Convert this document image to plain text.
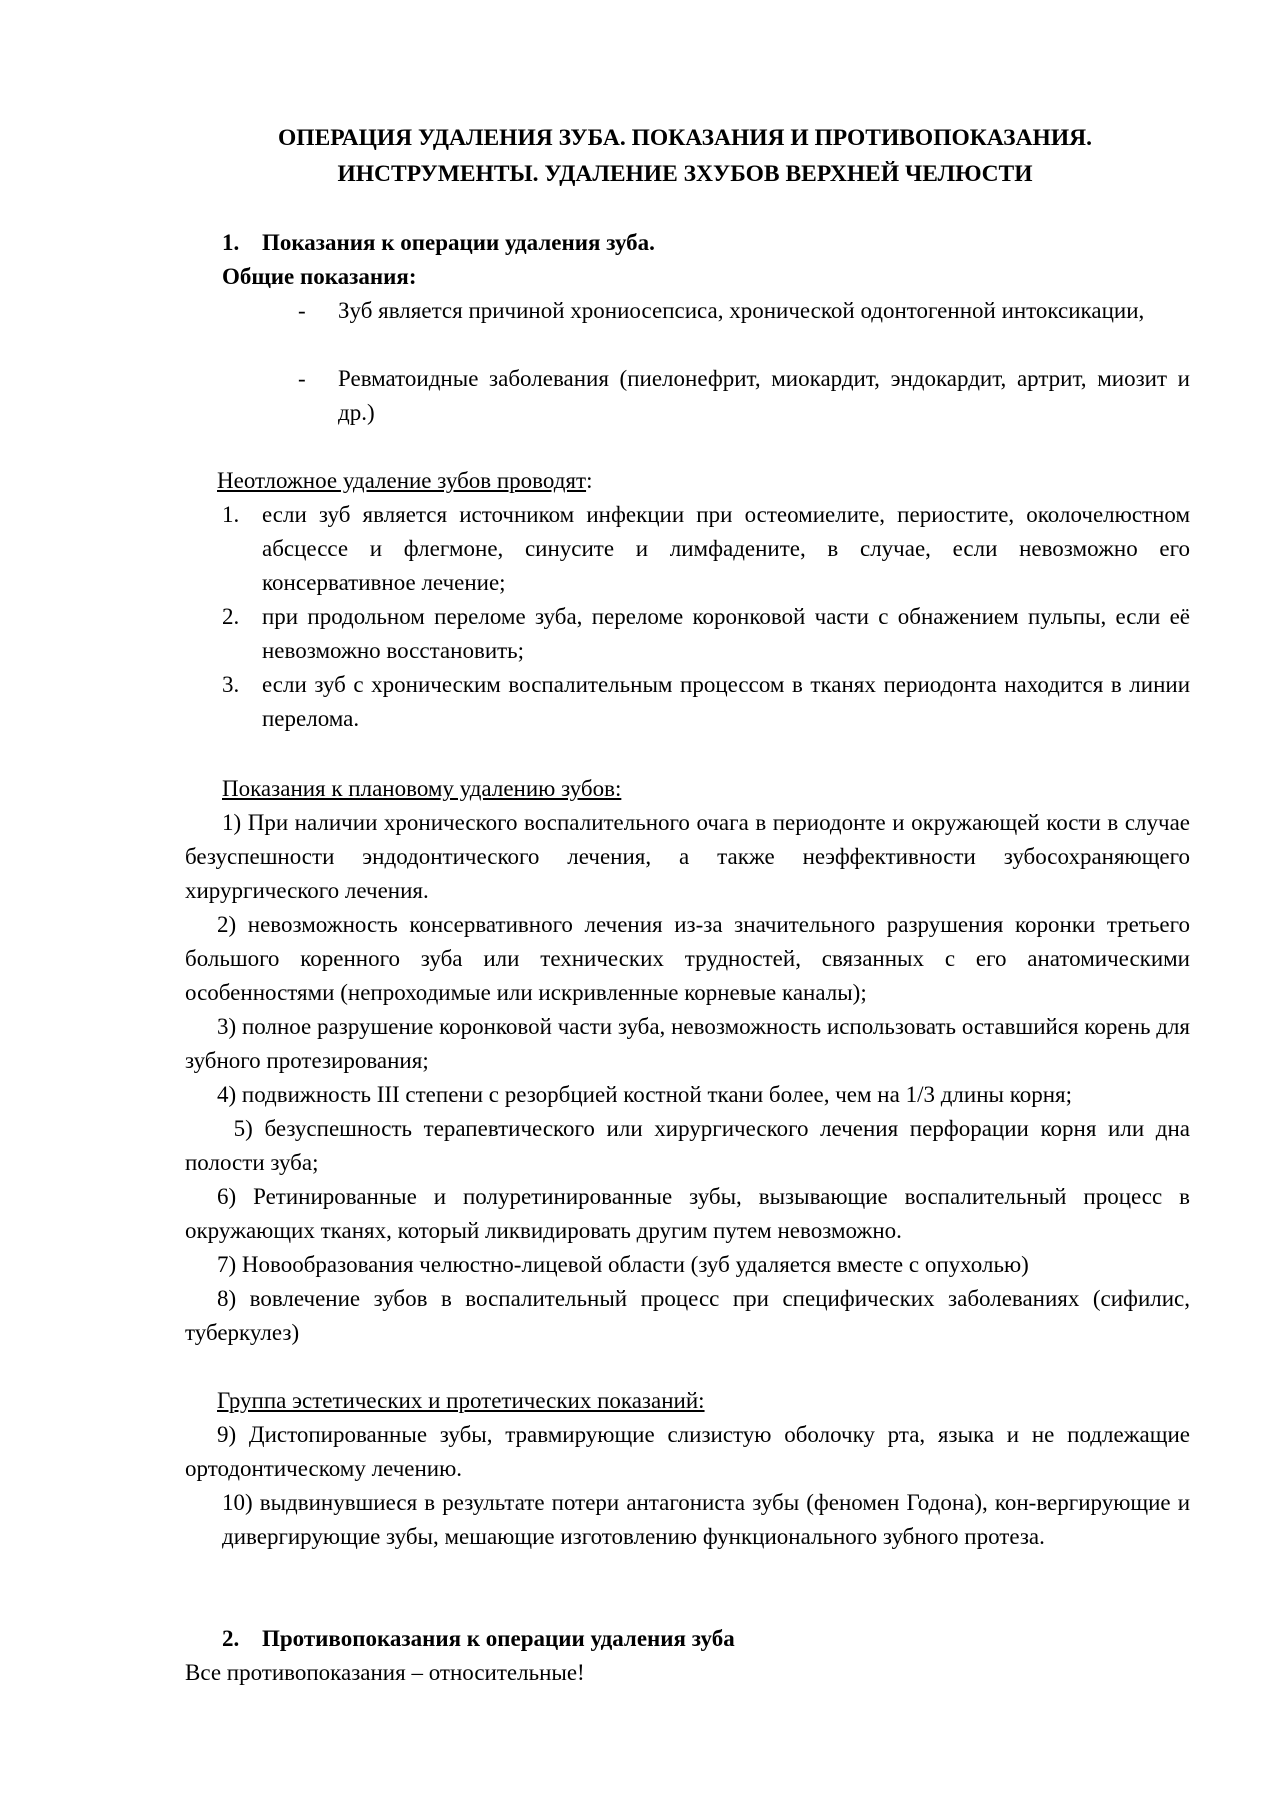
ОПЕРАЦИЯ УДАЛЕНИЯ ЗУБА. ПОКАЗАНИЯ И ПРОТИВОПОКАЗАНИЯ.
ИНСТРУМЕНТЫ. УДАЛЕНИЕ ЗХУБОВ ВЕРХНЕЙ ЧЕЛЮСТИ
1. Показания к операции удаления зуба.
Общие показания:
- Зуб является причиной хрониосепсиса, хронической одонтогенной интоксикации,
- Ревматоидные заболевания (пиелонефрит, миокардит, эндокардит, артрит, миозит и др.)
Неотложное удаление зубов проводят:
1. если зуб является источником инфекции при остеомиелите, периостите, околочелюстном абсцессе и флегмоне, синусите и лимфадените, в случае, если невозможно его консервативное лечение;
2. при продольном переломе зуба, переломе коронковой части с обнажением пульпы, если её невозможно восстановить;
3. если зуб с хроническим воспалительным процессом в тканях периодонта находится в линии перелома.
Показания к плановому удалению зубов:
1) При наличии хронического воспалительного очага в периодонте и окружающей кости в случае безуспешности эндодонтического лечения, а также неэффективности зубосохраняющего хирургического лечения.
2) невозможность консервативного лечения из-за значительного разрушения коронки третьего большого коренного зуба или технических трудностей, связанных с его анатомическими особенностями (непроходимые или искривленные корневые каналы);
3) полное разрушение коронковой части зуба, невозможность использовать оставшийся корень для зубного протезирования;
4) подвижность III степени с резорбцией костной ткани более, чем на 1/3 длины корня;
5) безуспешность терапевтического или хирургического лечения перфорации корня или дна полости зуба;
6) Ретинированные и полуретинированные зубы, вызывающие воспалительный процесс в окружающих тканях, который ликвидировать другим путем невозможно.
7) Новообразования челюстно-лицевой области (зуб удаляется вместе с опухолью)
8) вовлечение зубов в воспалительный процесс при специфических заболеваниях (сифилис, туберкулез)
Группа эстетических и протетических показаний:
9) Дистопированные зубы, травмирующие слизистую оболочку рта, языка и не подлежащие ортодонтическому лечению.
10) выдвинувшиеся в результате потери антагониста зубы (феномен Годона), кон-вергирующие и дивергирующие зубы, мешающие изготовлению функционального зубного протеза.
2. Противопоказания к операции удаления зуба
Все противопоказания – относительные!
